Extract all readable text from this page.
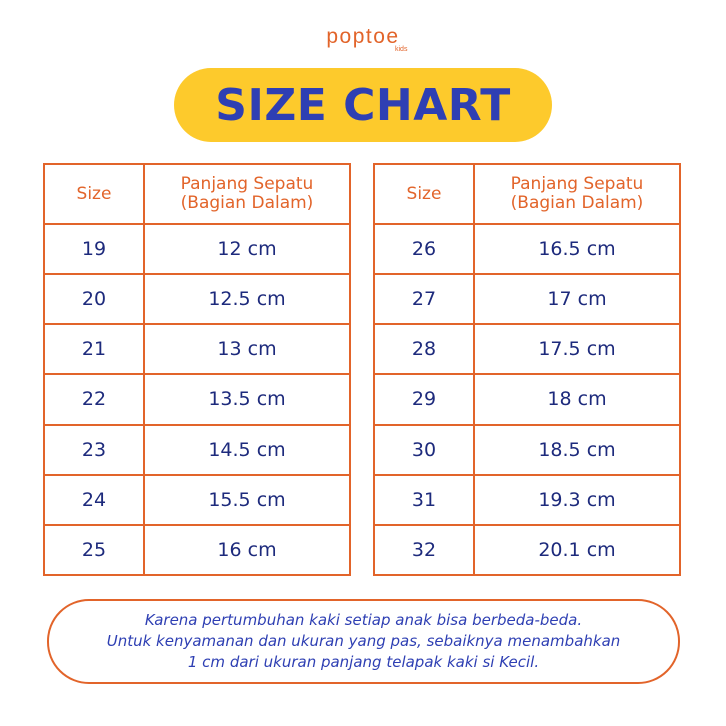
poptoe
kids
SIZE CHART
Size	Panjang Sepatu
(Bagian Dalam)
19	12 cm
20	12.5 cm
21	13 cm
22	13.5 cm
23	14.5 cm
24	15.5 cm
25	16 cm
Size	Panjang Sepatu
(Bagian Dalam)
26	16.5 cm
27	17 cm
28	17.5 cm
29	18 cm
30	18.5 cm
31	19.3 cm
32	20.1 cm
Karena pertumbuhan kaki setiap anak bisa berbeda-beda.
Untuk kenyamanan dan ukuran yang pas, sebaiknya menambahkan
1 cm dari ukuran panjang telapak kaki si Kecil.
